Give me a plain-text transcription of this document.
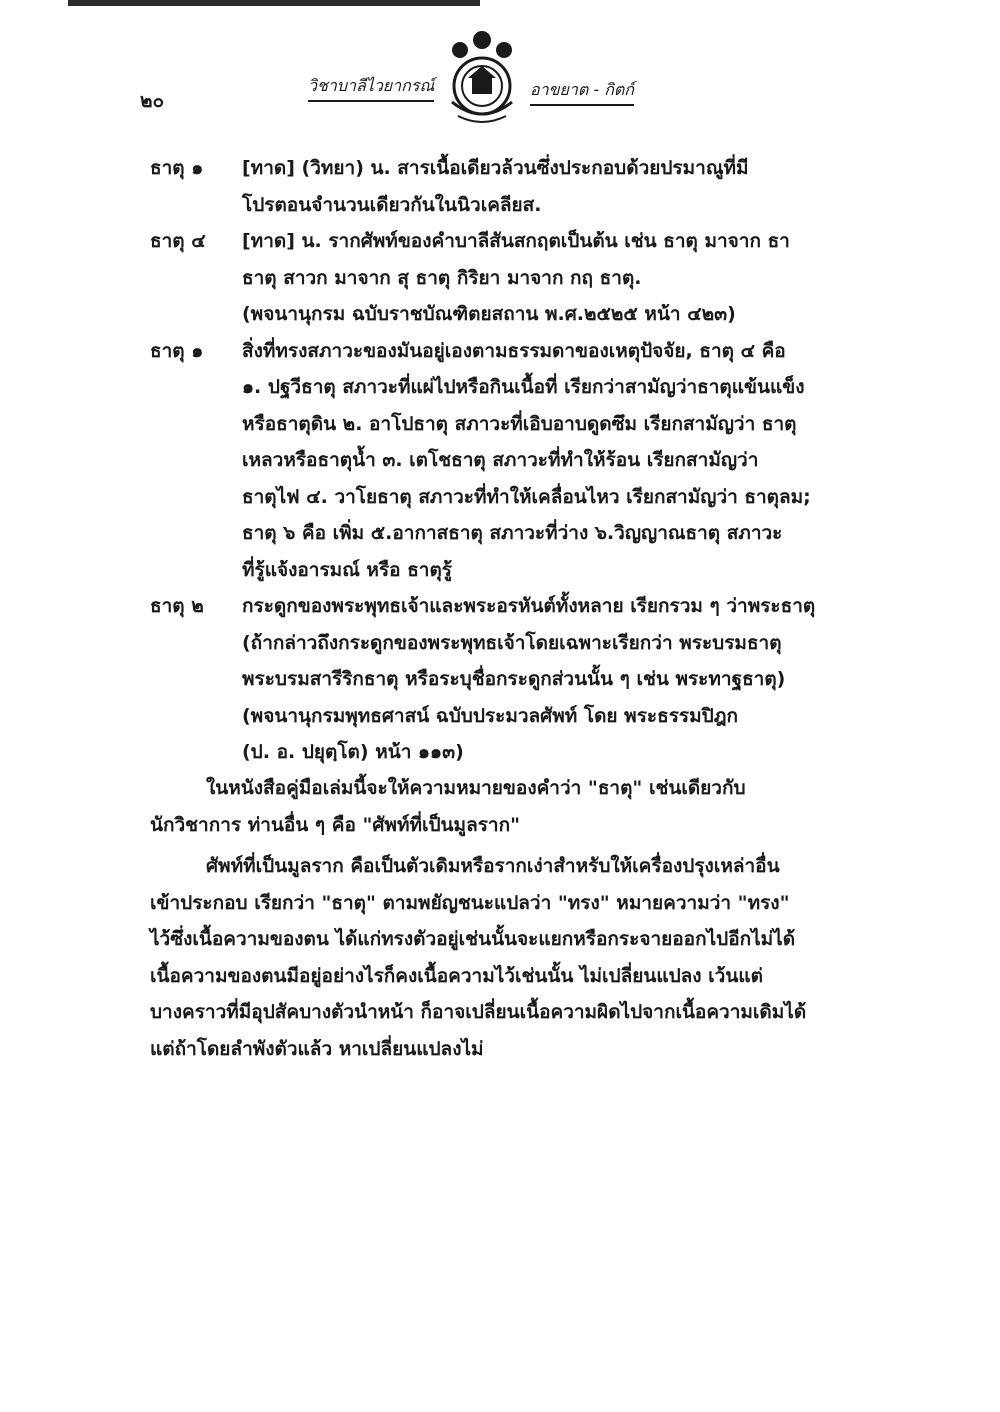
๒๐
วิชาบาลีไวยากรณ์	อาขยาต - กิตก์
ธาตุ ๑ [ทาด] (วิทยา) น. สารเนื้อเดียวล้วนซึ่งประกอบด้วยปรมาณูที่มี
โปรตอนจำนวนเดียวกันในนิวเคลียส.
ธาตุ ๔ [ทาด] น. รากศัพท์ของคำบาลีสันสกฤตเป็นต้น เช่น ธาตุ มาจาก ธา
ธาตุ สาวก มาจาก สุ ธาตุ กิริยา มาจาก กฤ ธาตุ.
(พจนานุกรม ฉบับราชบัณฑิตยสถาน พ.ศ.๒๕๒๕ หน้า ๔๒๓)
ธาตุ ๑ สิ่งที่ทรงสภาวะของมันอยู่เองตามธรรมดาของเหตุปัจจัย, ธาตุ ๔ คือ
๑. ปฐวีธาตุ สภาวะที่แผ่ไปหรือกินเนื้อที่ เรียกว่าสามัญว่าธาตุแข้นแข็ง
หรือธาตุดิน ๒. อาโปธาตุ สภาวะที่เอิบอาบดูดซึม เรียกสามัญว่า ธาตุ
เหลวหรือธาตุน้ำ ๓. เตโชธาตุ สภาวะที่ทำให้ร้อน เรียกสามัญว่า
ธาตุไฟ ๔. วาโยธาตุ สภาวะที่ทำให้เคลื่อนไหว เรียกสามัญว่า ธาตุลม;
ธาตุ ๖ คือ เพิ่ม ๕.อากาสธาตุ สภาวะที่ว่าง ๖.วิญญาณธาตุ สภาวะ
ที่รู้แจ้งอารมณ์ หรือ ธาตุรู้
ธาตุ ๒ กระดูกของพระพุทธเจ้าและพระอรหันต์ทั้งหลาย เรียกรวม ๆ ว่าพระธาตุ
(ถ้ากล่าวถึงกระดูกของพระพุทธเจ้าโดยเฉพาะเรียกว่า พระบรมธาตุ
พระบรมสารีริกธาตุ หรือระบุชื่อกระดูกส่วนนั้น ๆ เช่น พระทาฐธาตุ)
(พจนานุกรมพุทธศาสน์ ฉบับประมวลศัพท์ โดย พระธรรมปิฎก
(ป. อ. ปยุตฺโต) หน้า ๑๑๓)
ในหนังสือคู่มือเล่มนี้จะให้ความหมายของคำว่า "ธาตุ" เช่นเดียวกับ
นักวิชาการ ท่านอื่น ๆ คือ "ศัพท์ที่เป็นมูลราก"
ศัพท์ที่เป็นมูลราก คือเป็นตัวเดิมหรือรากเง่าสำหรับให้เครื่องปรุงเหล่าอื่น
เข้าประกอบ เรียกว่า "ธาตุ" ตามพยัญชนะแปลว่า "ทรง" หมายความว่า "ทรง"
ไว้ซึ่งเนื้อความของตน ได้แก่ทรงตัวอยู่เช่นนั้นจะแยกหรือกระจายออกไปอีกไม่ได้
เนื้อความของตนมีอยู่อย่างไรก็คงเนื้อความไว้เช่นนั้น ไม่เปลี่ยนแปลง เว้นแต่
บางคราวที่มีอุปสัคบางตัวนำหน้า ก็อาจเปลี่ยนเนื้อความผิดไปจากเนื้อความเดิมได้
แต่ถ้าโดยลำพังตัวแล้ว หาเปลี่ยนแปลงไม่
